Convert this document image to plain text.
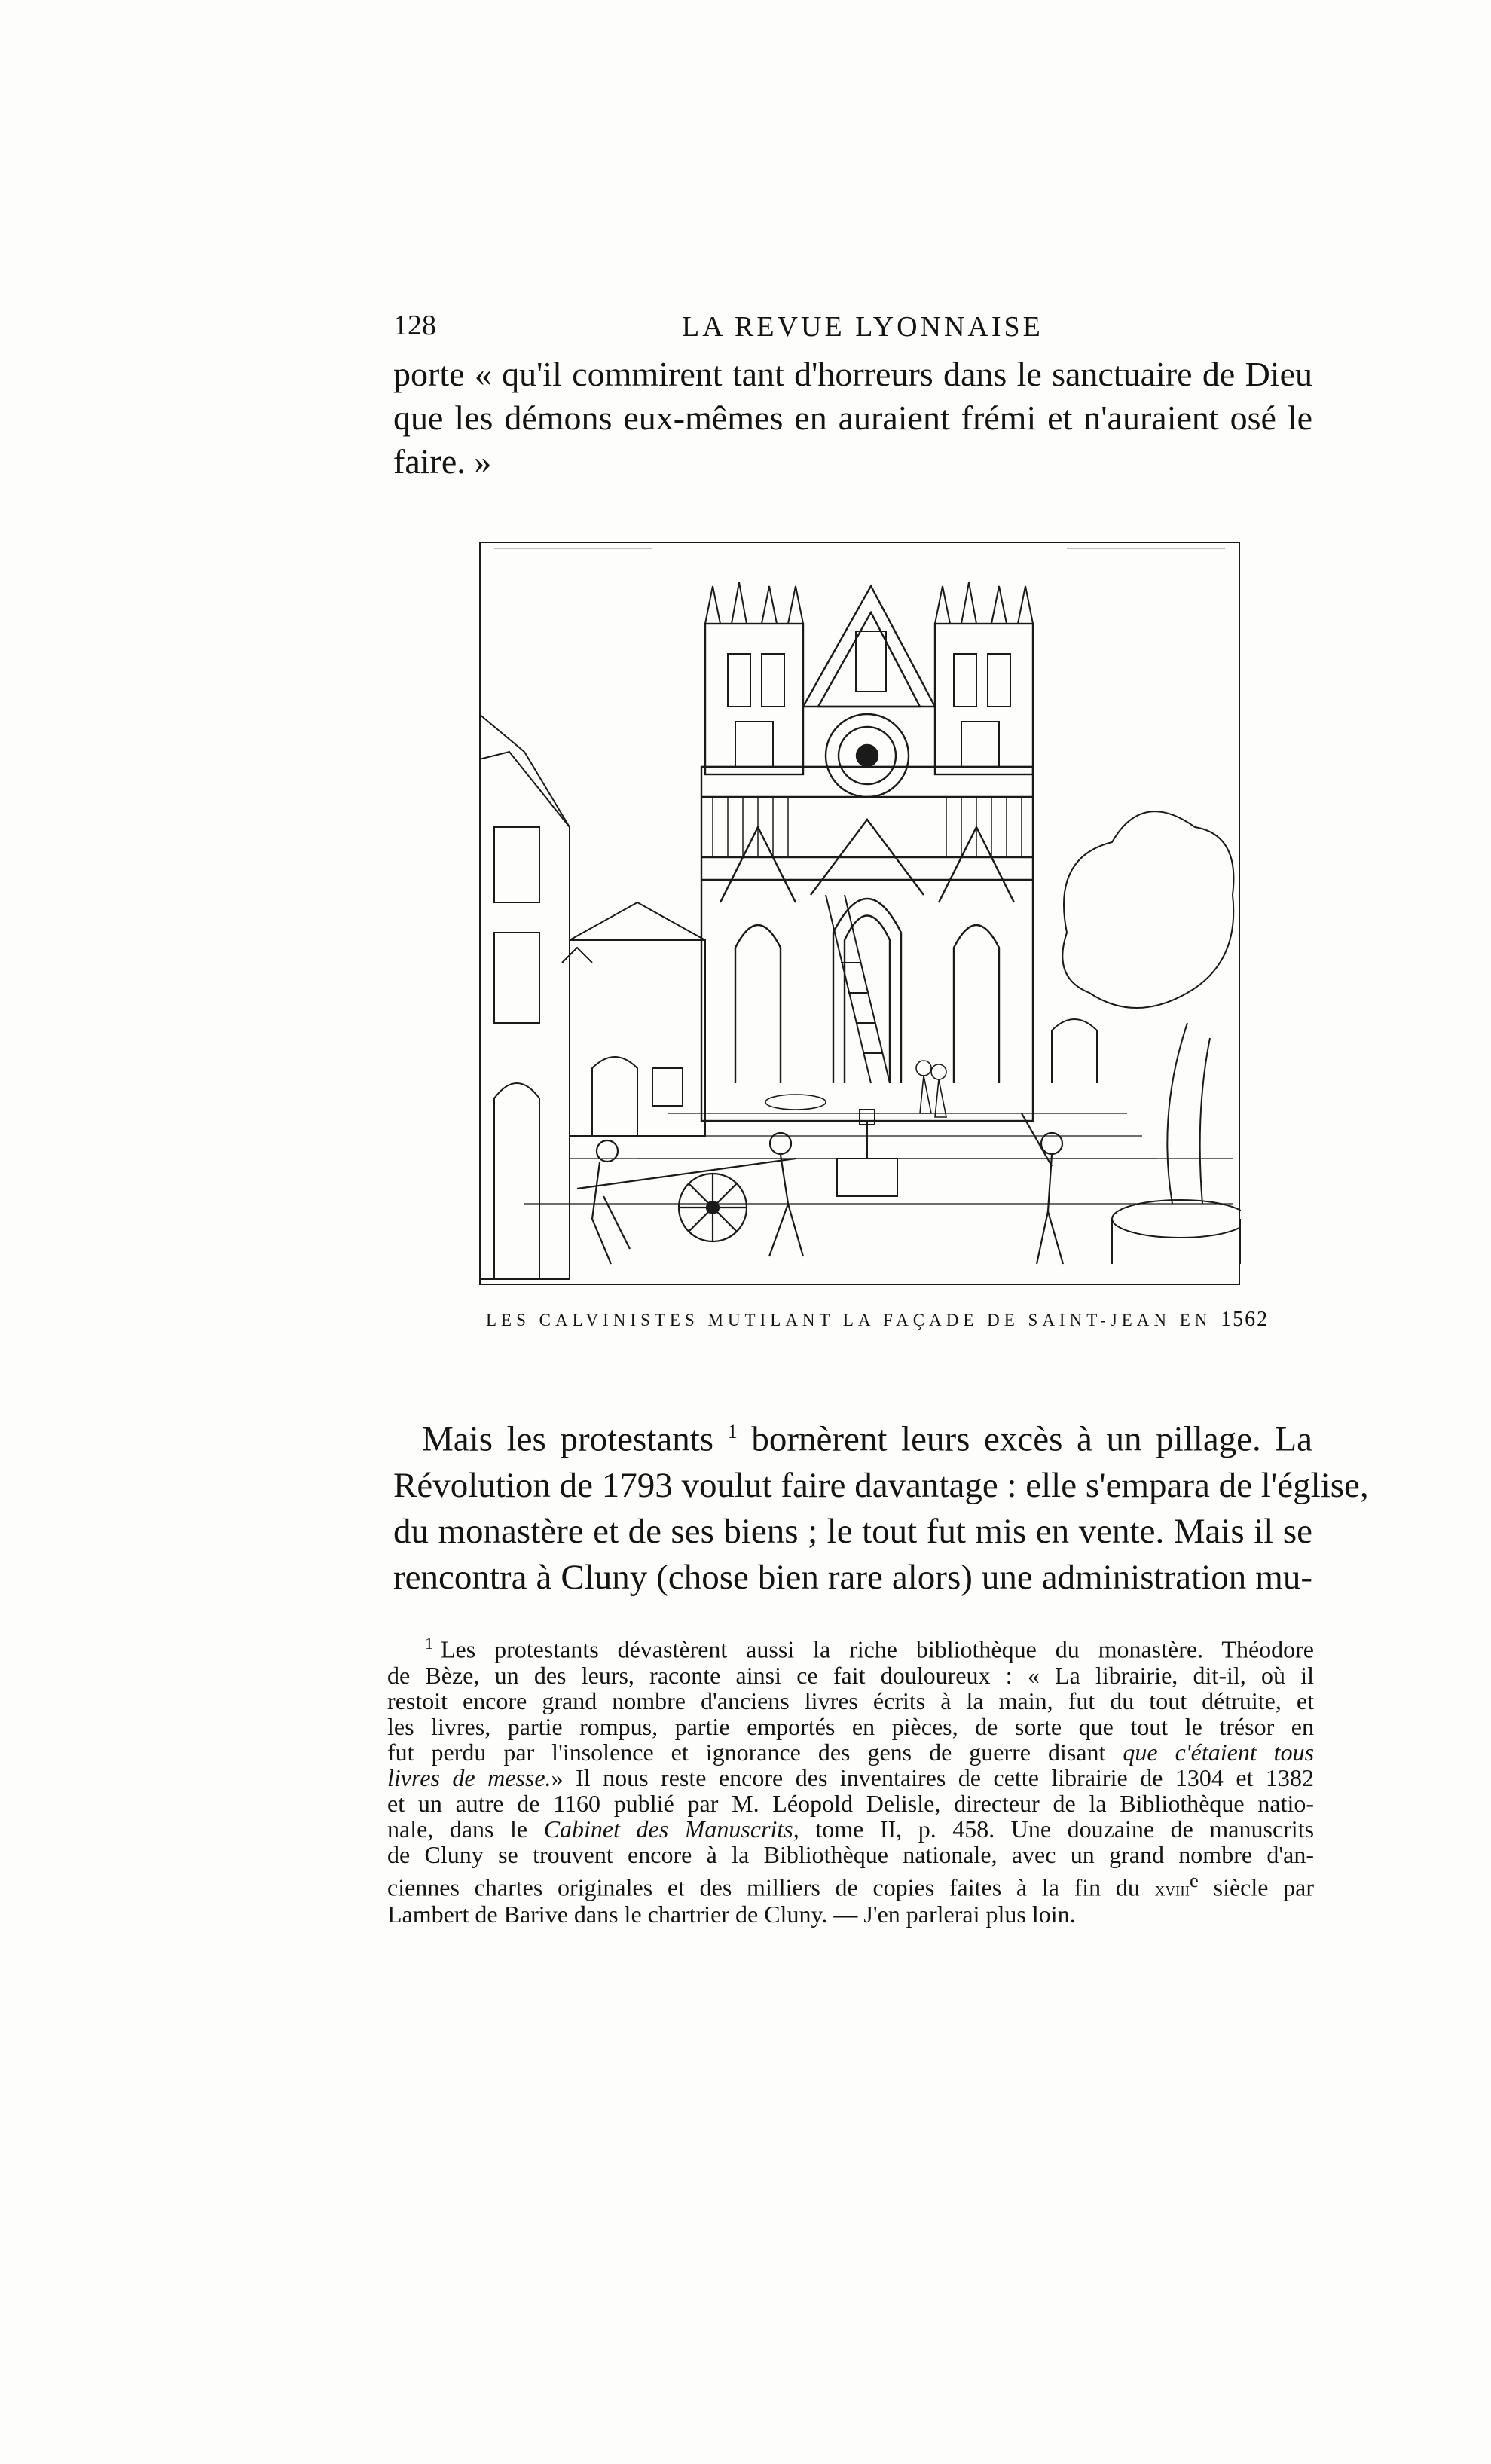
128	LA REVUE LYONNAISE

porte « qu'il commirent tant d'horreurs dans le sanctuaire de Dieu
que les démons eux-mêmes en auraient frémi et n'auraient osé le
faire. »

LES CALVINISTES MUTILANT LA FAÇADE DE SAINT-JEAN EN 1562

Mais les protestants $^1$ bornèrent leurs excès à un pillage. La
Révolution de 1793 voulut faire davantage : elle s'empara de l'église,
du monastère et de ses biens ; le tout fut mis en vente. Mais il se
rencontra à Cluny (chose bien rare alors) une administration mu-

$^1$ Les protestants dévastèrent aussi la riche bibliothèque du monastère. Théodore
de Bèze, un des leurs, raconte ainsi ce fait douloureux : « La librairie, dit-il, où il
restoit encore grand nombre d'anciens livres écrits à la main, fut du tout détruite, et
les livres, partie rompus, partie emportés en pièces, de sorte que tout le trésor en
fut perdu par l'insolence et ignorance des gens de guerre disant que c'étaient tous
livres de messe.» Il nous reste encore des inventaires de cette librairie de 1304 et 1382
et un autre de 1160 publié par M. Léopold Delisle, directeur de la Bibliothèque natio-
nale, dans le Cabinet des Manuscrits, tome II, p. 458. Une douzaine de manuscrits
de Cluny se trouvent encore à la Bibliothèque nationale, avec un grand nombre d'an-
ciennes chartes originales et des milliers de copies faites à la fin du xviii$^e$ siècle par
Lambert de Barive dans le chartrier de Cluny. — J'en parlerai plus loin.
